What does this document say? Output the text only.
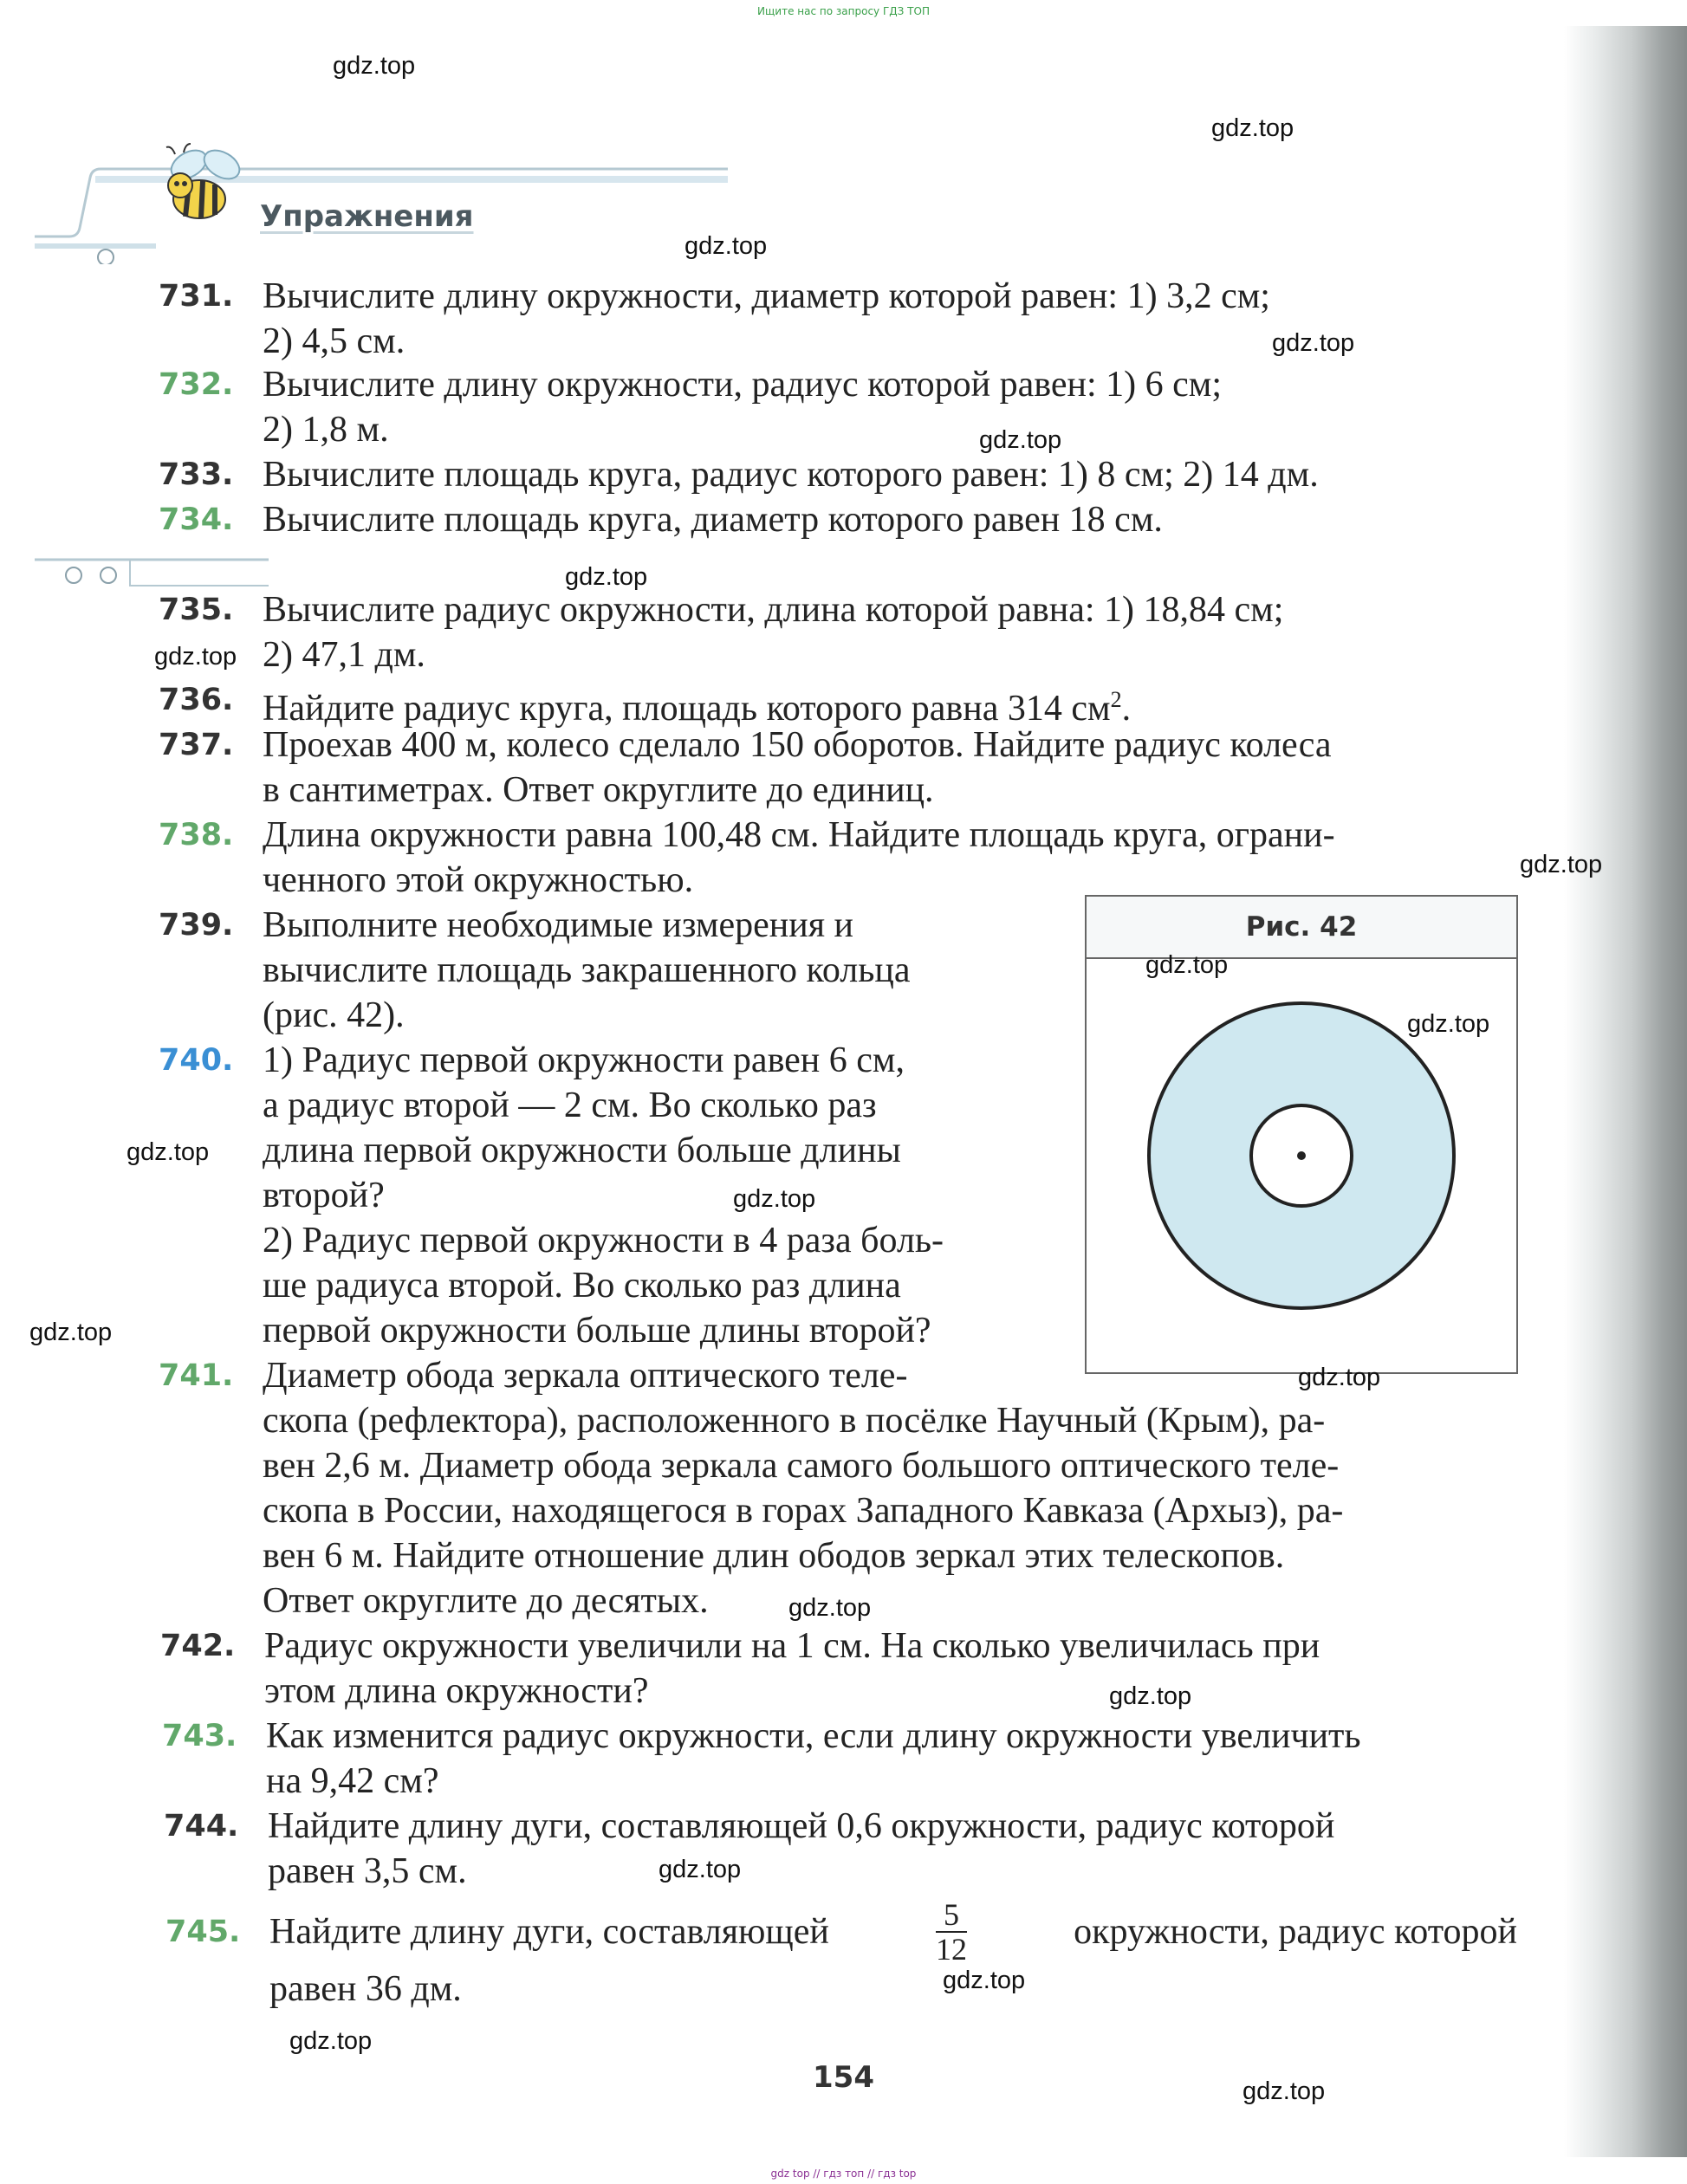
Ищите нас по запросу ГДЗ ТОП
Упражнения
731. Вычислите длину окружности, диаметр которой равен: 1) 3,2 см;
2) 4,5 см.
732. Вычислите длину окружности, радиус которой равен: 1) 6 см;
2) 1,8 м.
733. Вычислите площадь круга, радиус которого равен: 1) 8 см; 2) 14 дм.
734. Вычислите площадь круга, диаметр которого равен 18 см.
735. Вычислите радиус окружности, длина которой равна: 1) 18,84 см;
2) 47,1 дм.
736. Найдите радиус круга, площадь которого равна 314 $см^2$.
737. Проехав 400 м, колесо сделало 150 оборотов. Найдите радиус колеса
в сантиметрах. Ответ округлите до единиц.
738. Длина окружности равна 100,48 см. Найдите площадь круга, ограни-
ченного этой окружностью.
739. Выполните необходимые измерения и
вычислите площадь закрашенного кольца
(рис. 42).
740. 1) Радиус первой окружности равен 6 см,
а радиус второй — 2 см. Во сколько раз
длина первой окружности больше длины
второй?
2) Радиус первой окружности в 4 раза боль-
ше радиуса второй. Во сколько раз длина
первой окружности больше длины второй?
Рис. 42
741. Диаметр обода зеркала оптического теле-
скопа (рефлектора), расположенного в посёлке Научный (Крым), ра-
вен 2,6 м. Диаметр обода зеркала самого большого оптического теле-
скопа в России, находящегося в горах Западного Кавказа (Архыз), ра-
вен 6 м. Найдите отношение длин ободов зеркал этих телескопов.
Ответ округлите до десятых.
742. Радиус окружности увеличили на 1 см. На сколько увеличилась при
этом длина окружности?
743. Как изменится радиус окружности, если длину окружности увеличить
на 9,42 см?
744. Найдите длину дуги, составляющей 0,6 окружности, радиус которой
равен 3,5 см.
745. Найдите длину дуги, составляющей	$\frac{5}{12}$	окружности, радиус которой
равен 36 дм.
154
gdz.top
gdz.top
gdz.top
gdz.top
gdz.top
gdz.top
gdz.top
gdz.top
gdz.top
gdz.top
gdz.top
gdz.top
gdz.top
gdz.top
gdz.top
gdz.top
gdz.top
gdz.top
gdz.top
gdz.top
gdz top // гдз топ // гдз top
